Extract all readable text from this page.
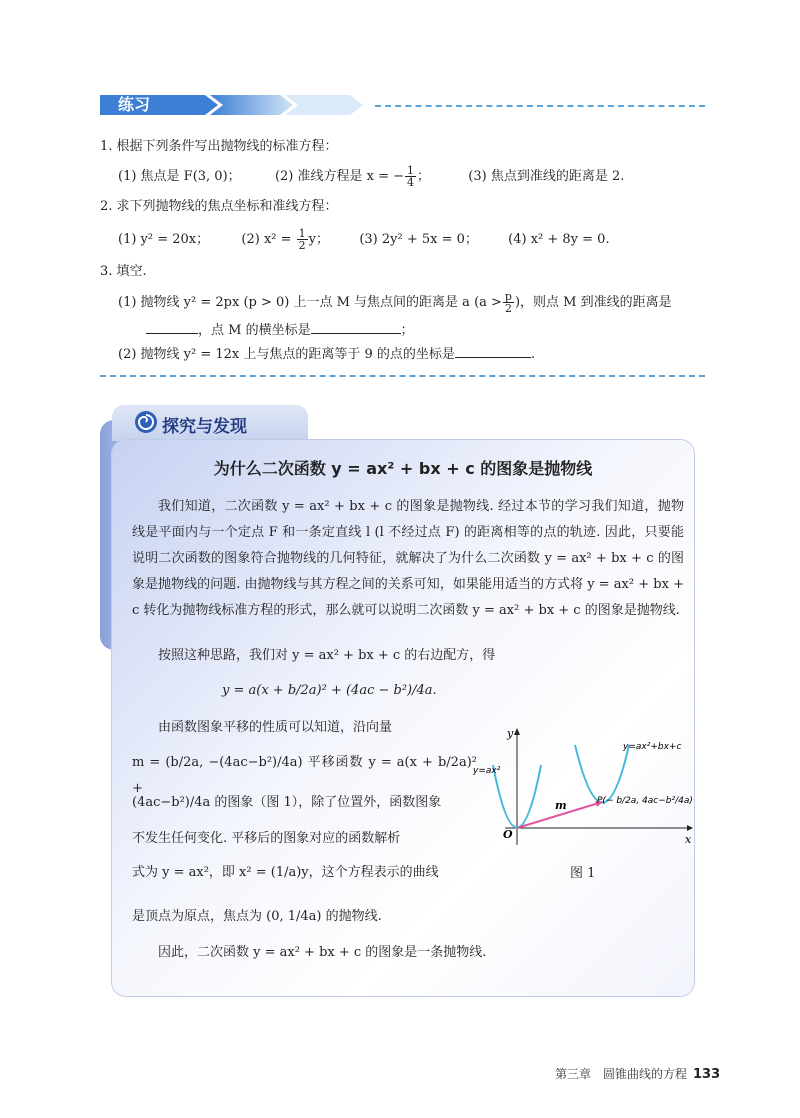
练习
1. 根据下列条件写出抛物线的标准方程：
(1) 焦点是 F(3, 0)；	(2) 准线方程是 x = − $\frac{1}{4}$ ；	(3) 焦点到准线的距离是 2.
2. 求下列抛物线的焦点坐标和准线方程：
(1) y² = 20x； (2) $x^2 = \frac{1}{2}$ y； (3) 2y² + 5x = 0； (4) x² + 8y = 0.
3. 填空.
(1) 抛物线 y² = 2px (p > 0) 上一点 M 与焦点间的距离是 a ($a > \frac{p}{2}$ )，则点 M 到准线的距离是
，点 M 的横坐标是	；
(2) 抛物线 y² = 12x 上与焦点的距离等于 9 的点的坐标是	.
探究与发现
为什么二次函数 y = ax² + bx + c 的图象是抛物线
我们知道，二次函数 y = ax² + bx + c 的图象是抛物线. 经过本节的学习我们知道，抛物线是平面内与一个定点 F 和一条定直线 l (l 不经过点 F) 的距离相等的点的轨迹. 因此，只要能说明二次函数的图象符合抛物线的几何特征，就解决了为什么二次函数 y = ax² + bx + c 的图象是抛物线的问题. 由抛物线与其方程之间的关系可知，如果能用适当的方式将 y = ax² + bx + c 转化为抛物线标准方程的形式，那么就可以说明二次函数 y = ax² + bx + c 的图象是抛物线.
按照这种思路，我们对 y = ax² + bx + c 的右边配方，得
y = a(x + b/2a)² + (4ac − b²)/4a.
由函数图象平移的性质可以知道，沿向量
m = (b/2a, −(4ac−b²)/4a) 平移函数 y = a(x + b/2a)² +
(4ac−b²)/4a 的图象（图 1），除了位置外，函数图象
不发生任何变化. 平移后的图象对应的函数解析
式为 y = ax²，即 x² = (1/a)y，这个方程表示的曲线
是顶点为原点，焦点为 (0, 1/4a) 的抛物线.
因此，二次函数 y = ax² + bx + c 的图象是一条抛物线.
y
x
O
m
y=ax²
y=ax²+bx+c
P(− b/2a, 4ac−b²/4a)
图 1
第三章　圆锥曲线的方程 133
